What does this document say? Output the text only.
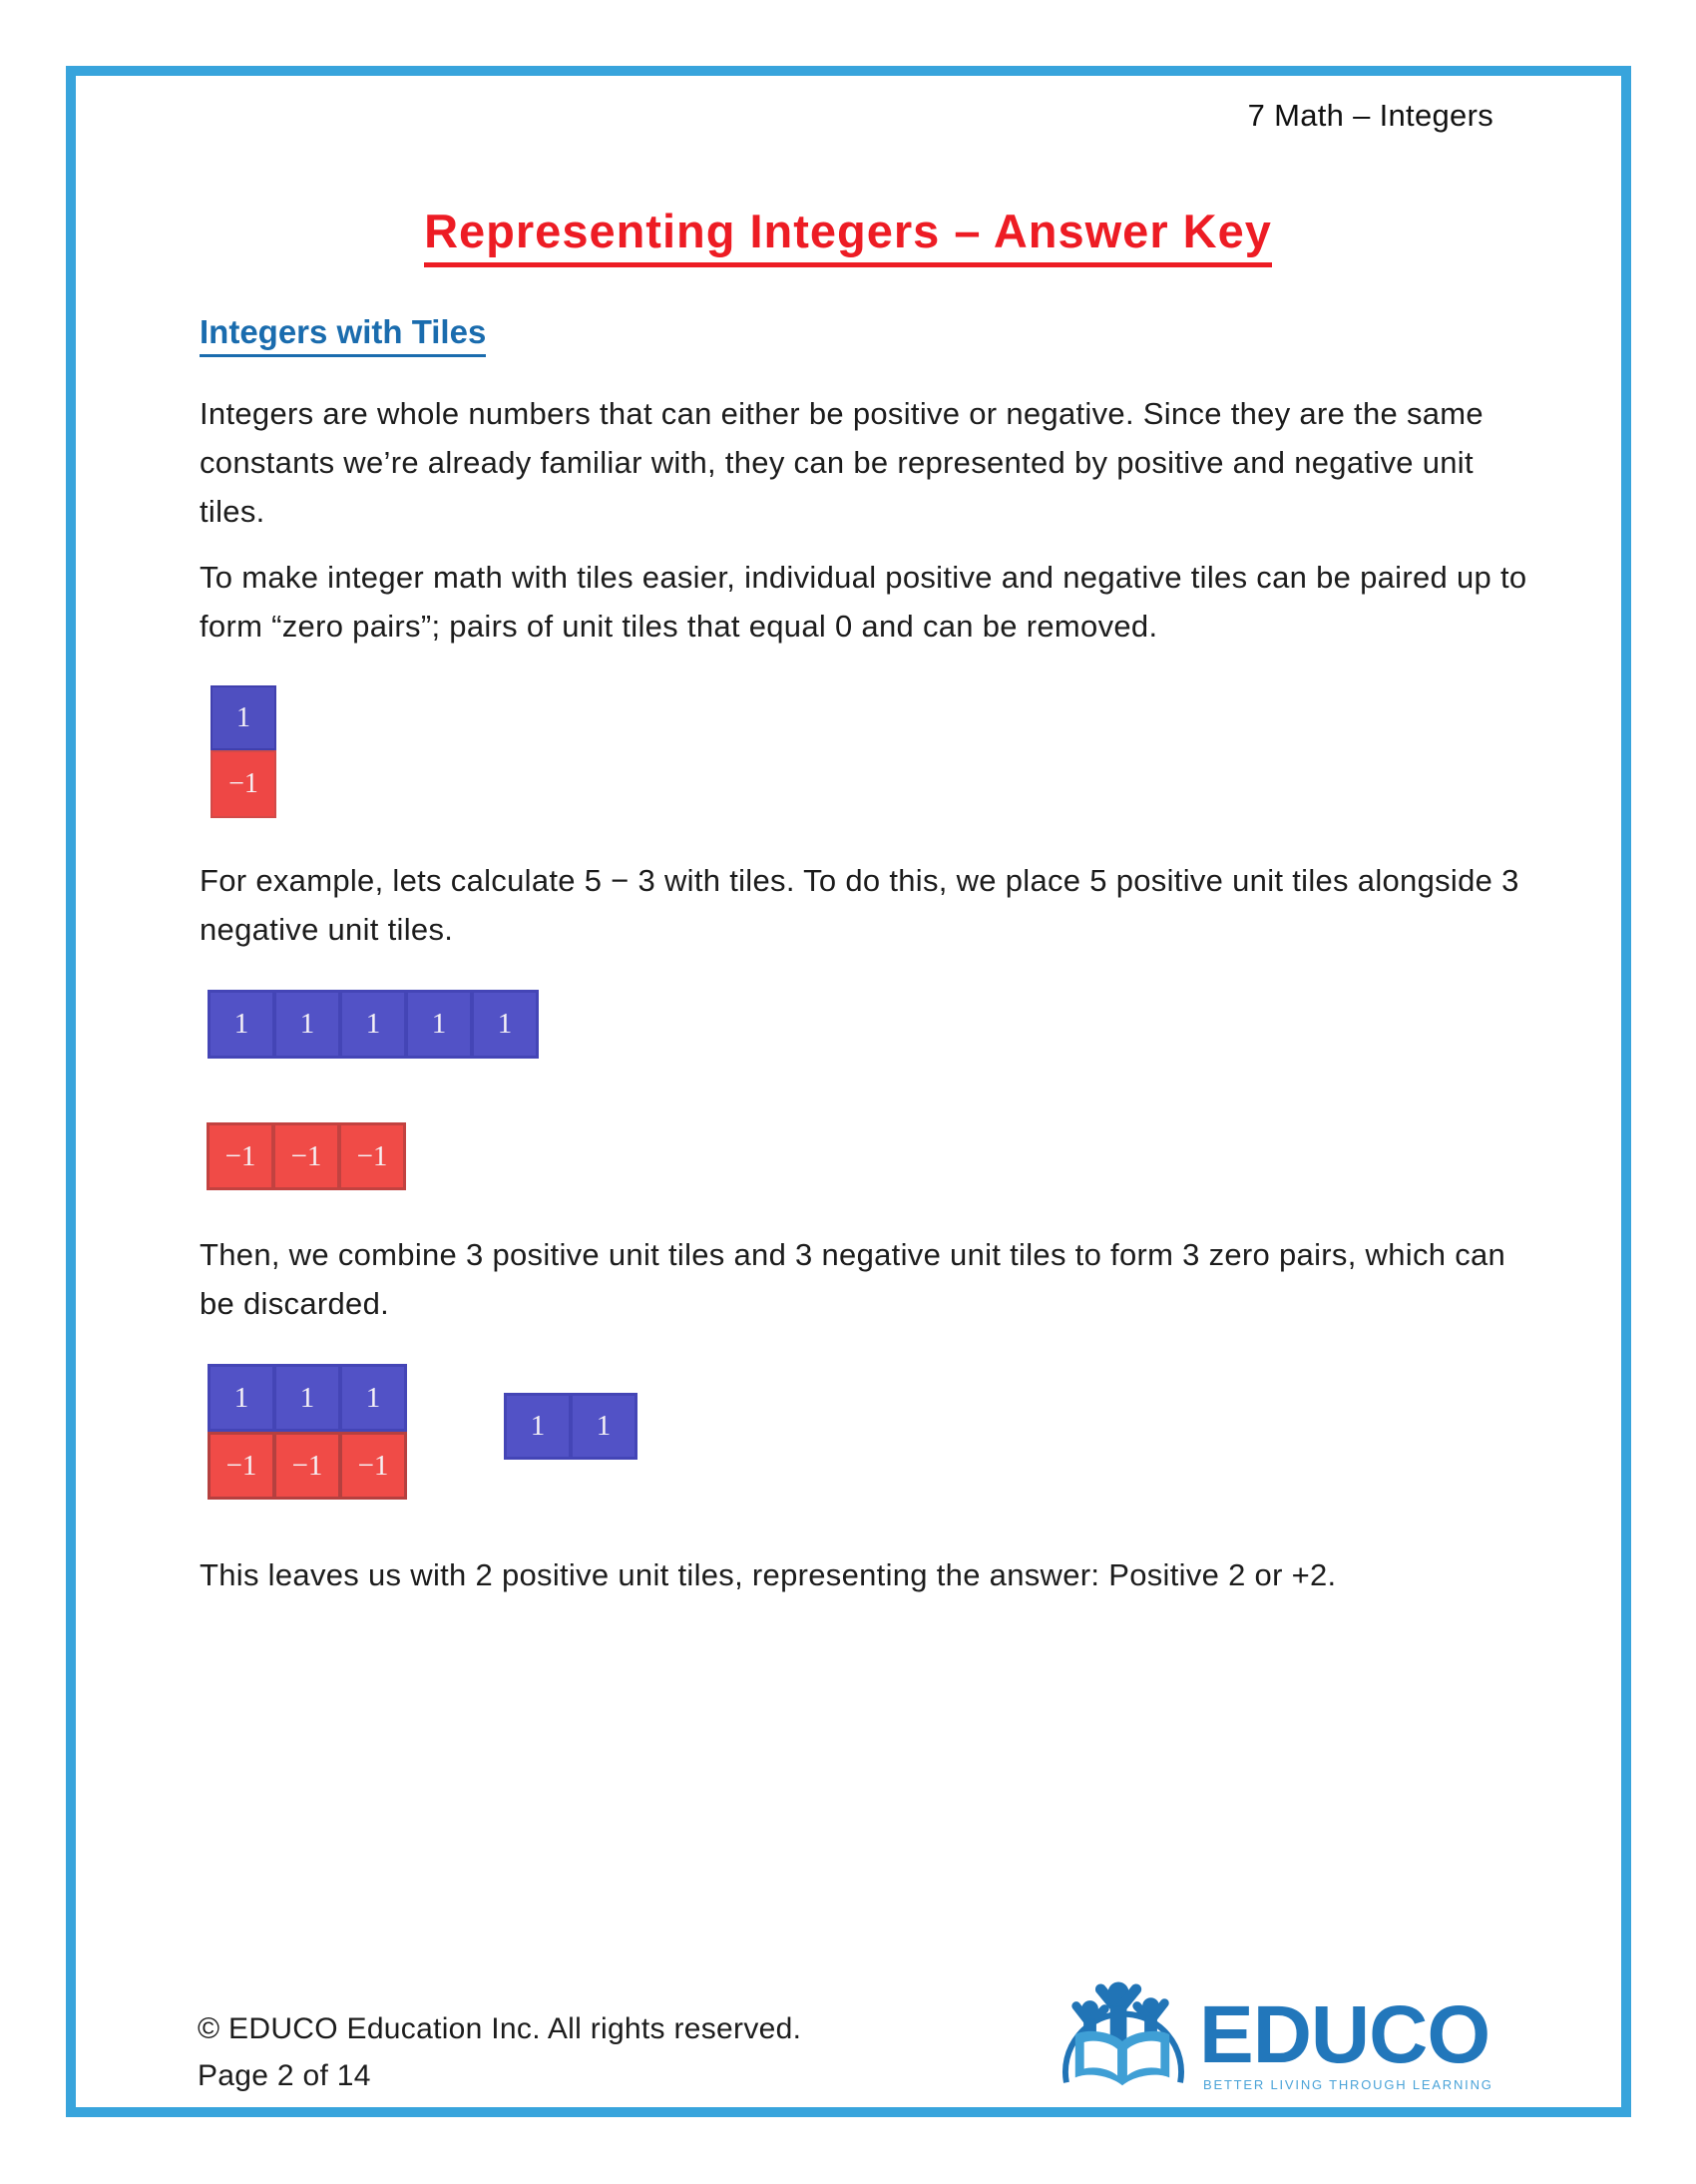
7 Math – Integers
Representing Integers – Answer Key
Integers with Tiles

Integers are whole numbers that can either be positive or negative. Since they are the same constants we’re already familiar with, they can be represented by positive and negative unit tiles.

To make integer math with tiles easier, individual positive and negative tiles can be paired up to form “zero pairs”; pairs of unit tiles that equal 0 and can be removed.

1
−1

For example, lets calculate 5 − 3 with tiles. To do this, we place 5 positive unit tiles alongside 3 negative unit tiles.

1	1	1	1	1
−1	−1	−1

Then, we combine 3 positive unit tiles and 3 negative unit tiles to form 3 zero pairs, which can be discarded.

1	1	1
−1	−1	−1
1	1

This leaves us with 2 positive unit tiles, representing the answer: Positive 2 or +2.

© EDUCO Education Inc. All rights reserved.
Page 2 of 14	EDUCO
BETTER LIVING THROUGH LEARNING
